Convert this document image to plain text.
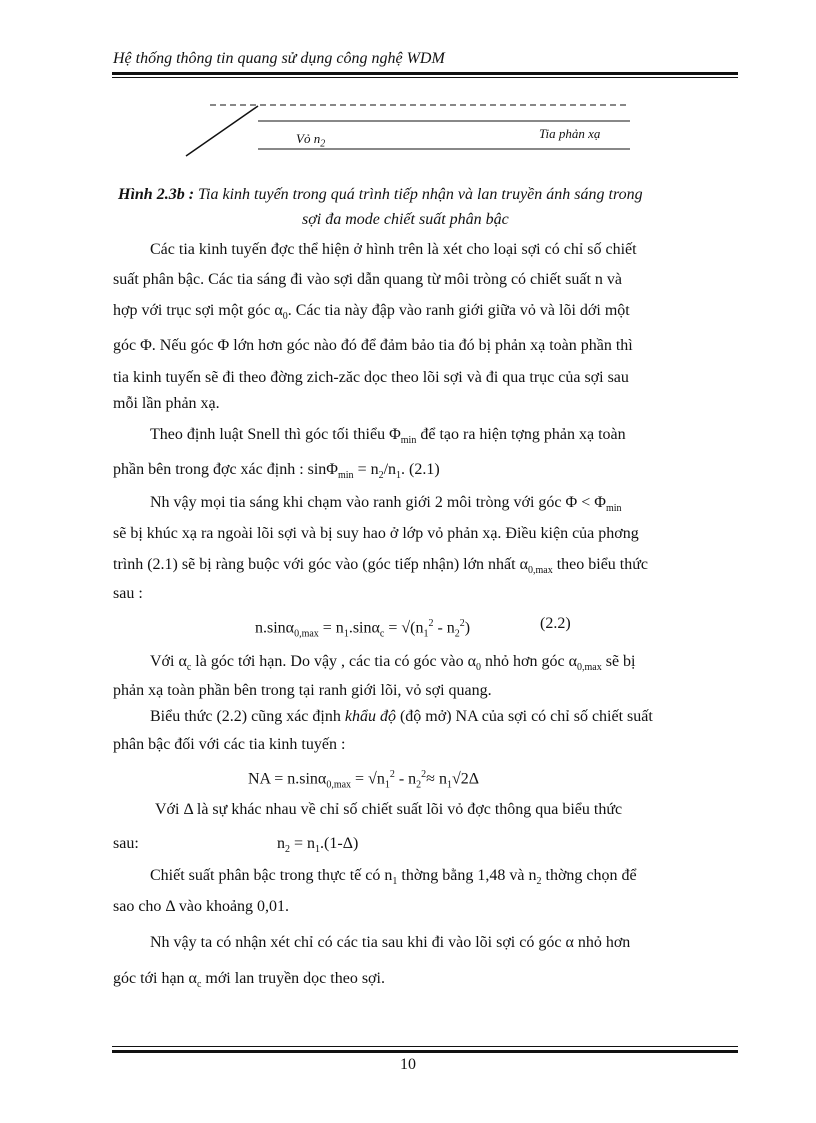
Hệ thống thông tin quang sử dụng công nghệ WDM
Vỏ $n_2$
Tia phản xạ
Hình 2.3b : Tia kinh tuyến trong quá trình tiếp nhận và lan truyền ánh sáng trong
sợi đa mode chiết suất phân bậc
Các tia kinh tuyến đợc thể hiện ở hình trên là xét cho loại sợi có chỉ số chiết
suất phân bậc. Các tia sáng đi vào sợi dẫn quang từ môi tròng có chiết suất n và
hợp với trục sợi một góc $\alpha_0$. Các tia này đập vào ranh giới giữa vỏ và lõi dới một
góc Φ. Nếu góc Φ lớn hơn góc nào đó để đảm bảo tia đó bị phản xạ toàn phần thì
tia kinh tuyến sẽ đi theo đờng zich-zăc dọc theo lõi sợi và đi qua trục của sợi sau
mỗi lần phản xạ.
Theo định luật Snell thì góc tối thiểu $\Phi_{min}$ để tạo ra hiện tợng phản xạ toàn
phần bên trong đợc xác định : $\sin\Phi_{min} = n_2/n_1$. (2.1)
Nh vậy mọi tia sáng khi chạm vào ranh giới 2 môi tròng với góc $\Phi < \Phi_{min}$
sẽ bị khúc xạ ra ngoài lõi sợi và bị suy hao ở lớp vỏ phản xạ. Điều kiện của phơng
trình (2.1) sẽ bị ràng buộc với góc vào (góc tiếp nhận) lớn nhất $\alpha_{0,max}$ theo biểu thức
sau :
$n.\sin\alpha_{0,max} = n_1.\sin\alpha_c = √(n_1^2 - n_2^2)$	(2.2)
Với $\alpha_c$ là góc tới hạn. Do vậy , các tia có góc vào $\alpha_0$ nhỏ hơn góc $\alpha_{0,max}$ sẽ bị
phản xạ toàn phần bên trong tại ranh giới lõi, vỏ sợi quang.
Biểu thức (2.2) cũng xác định khẩu độ (độ mở) NA của sợi có chỉ số chiết suất
phân bậc đối với các tia kinh tuyến :
NA = $n.\sin\alpha_{0,max} = √n_1^2 - n_2^2\approx n_1√2\Delta$
Với Δ là sự khác nhau về chỉ số chiết suất lõi vỏ đợc thông qua biểu thức
sau:	$n_2 = n_1.(1-\Delta)$
Chiết suất phân bậc trong thực tế có $n_1$ thờng bằng 1,48 và $n_2$ thờng chọn để
sao cho Δ vào khoảng 0,01.
Nh vậy ta có nhận xét chỉ có các tia sau khi đi vào lõi sợi có góc α nhỏ hơn
góc tới hạn $\alpha_c$ mới lan truyền dọc theo sợi.
10
